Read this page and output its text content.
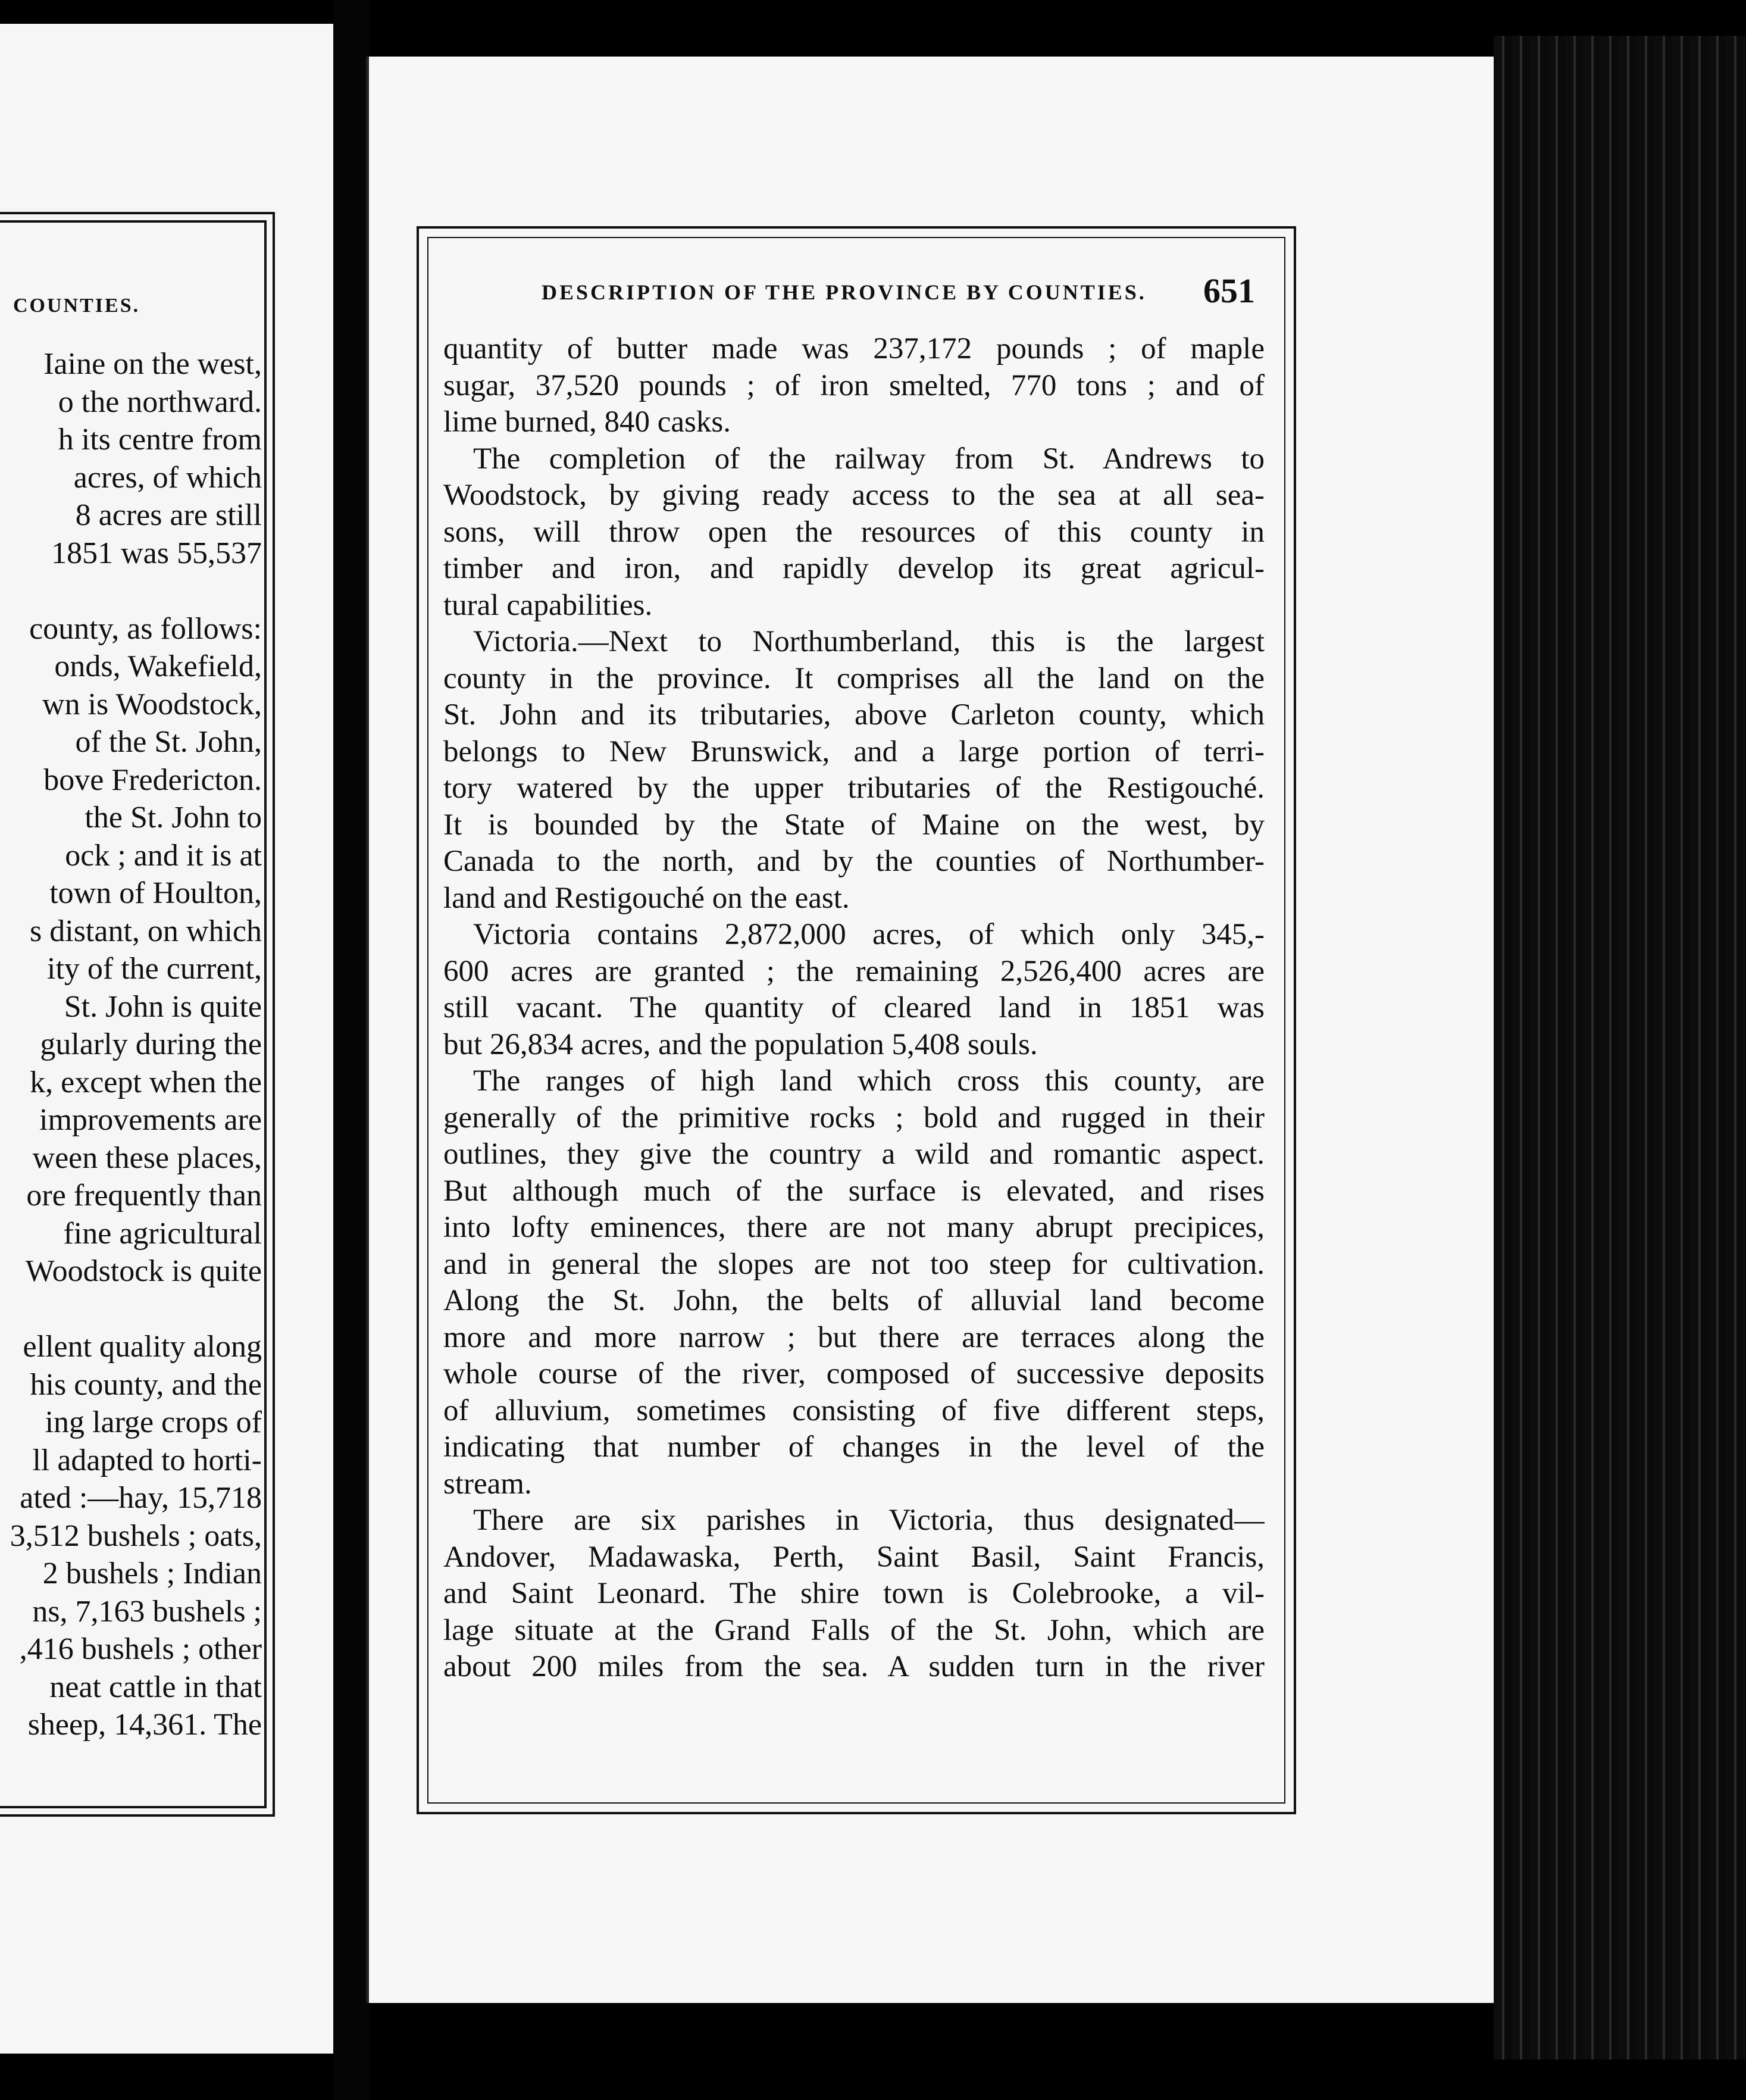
COUNTIES.
Iaine on the west,
o the northward.
h its centre from
acres, of which
8 acres are still
1851 was 55,537
county, as follows:
onds, Wakefield,
wn is Woodstock,
of the St. John,
bove Fredericton.
the St. John to
ock ; and it is at
town of Houlton,
s distant, on which
ity of the current,
St. John is quite
gularly during the
k, except when the
improvements are
ween these places,
ore frequently than
fine agricultural
Woodstock is quite
ellent quality along
his county, and the
ing large crops of
ll adapted to horti-
ated :—hay, 15,718
3,512 bushels ; oats,
2 bushels ; Indian
ns, 7,163 bushels ;
,416 bushels ; other
neat cattle in that
sheep, 14,361. The
DESCRIPTION OF THE PROVINCE BY COUNTIES. 651
quantity of butter made was 237,172 pounds ; of maple
sugar, 37,520 pounds ; of iron smelted, 770 tons ; and of
lime burned, 840 casks.
The completion of the railway from St. Andrews to
Woodstock, by giving ready access to the sea at all sea-
sons, will throw open the resources of this county in
timber and iron, and rapidly develop its great agricul-
tural capabilities.
Victoria.—Next to Northumberland, this is the largest
county in the province. It comprises all the land on the
St. John and its tributaries, above Carleton county, which
belongs to New Brunswick, and a large portion of terri-
tory watered by the upper tributaries of the Restigouché.
It is bounded by the State of Maine on the west, by
Canada to the north, and by the counties of Northumber-
land and Restigouché on the east.
Victoria contains 2,872,000 acres, of which only 345,-
600 acres are granted ; the remaining 2,526,400 acres are
still vacant. The quantity of cleared land in 1851 was
but 26,834 acres, and the population 5,408 souls.
The ranges of high land which cross this county, are
generally of the primitive rocks ; bold and rugged in their
outlines, they give the country a wild and romantic aspect.
But although much of the surface is elevated, and rises
into lofty eminences, there are not many abrupt precipices,
and in general the slopes are not too steep for cultivation.
Along the St. John, the belts of alluvial land become
more and more narrow ; but there are terraces along the
whole course of the river, composed of successive deposits
of alluvium, sometimes consisting of five different steps,
indicating that number of changes in the level of the
stream.
There are six parishes in Victoria, thus designated—
Andover, Madawaska, Perth, Saint Basil, Saint Francis,
and Saint Leonard. The shire town is Colebrooke, a vil-
lage situate at the Grand Falls of the St. John, which are
about 200 miles from the sea. A sudden turn in the river
